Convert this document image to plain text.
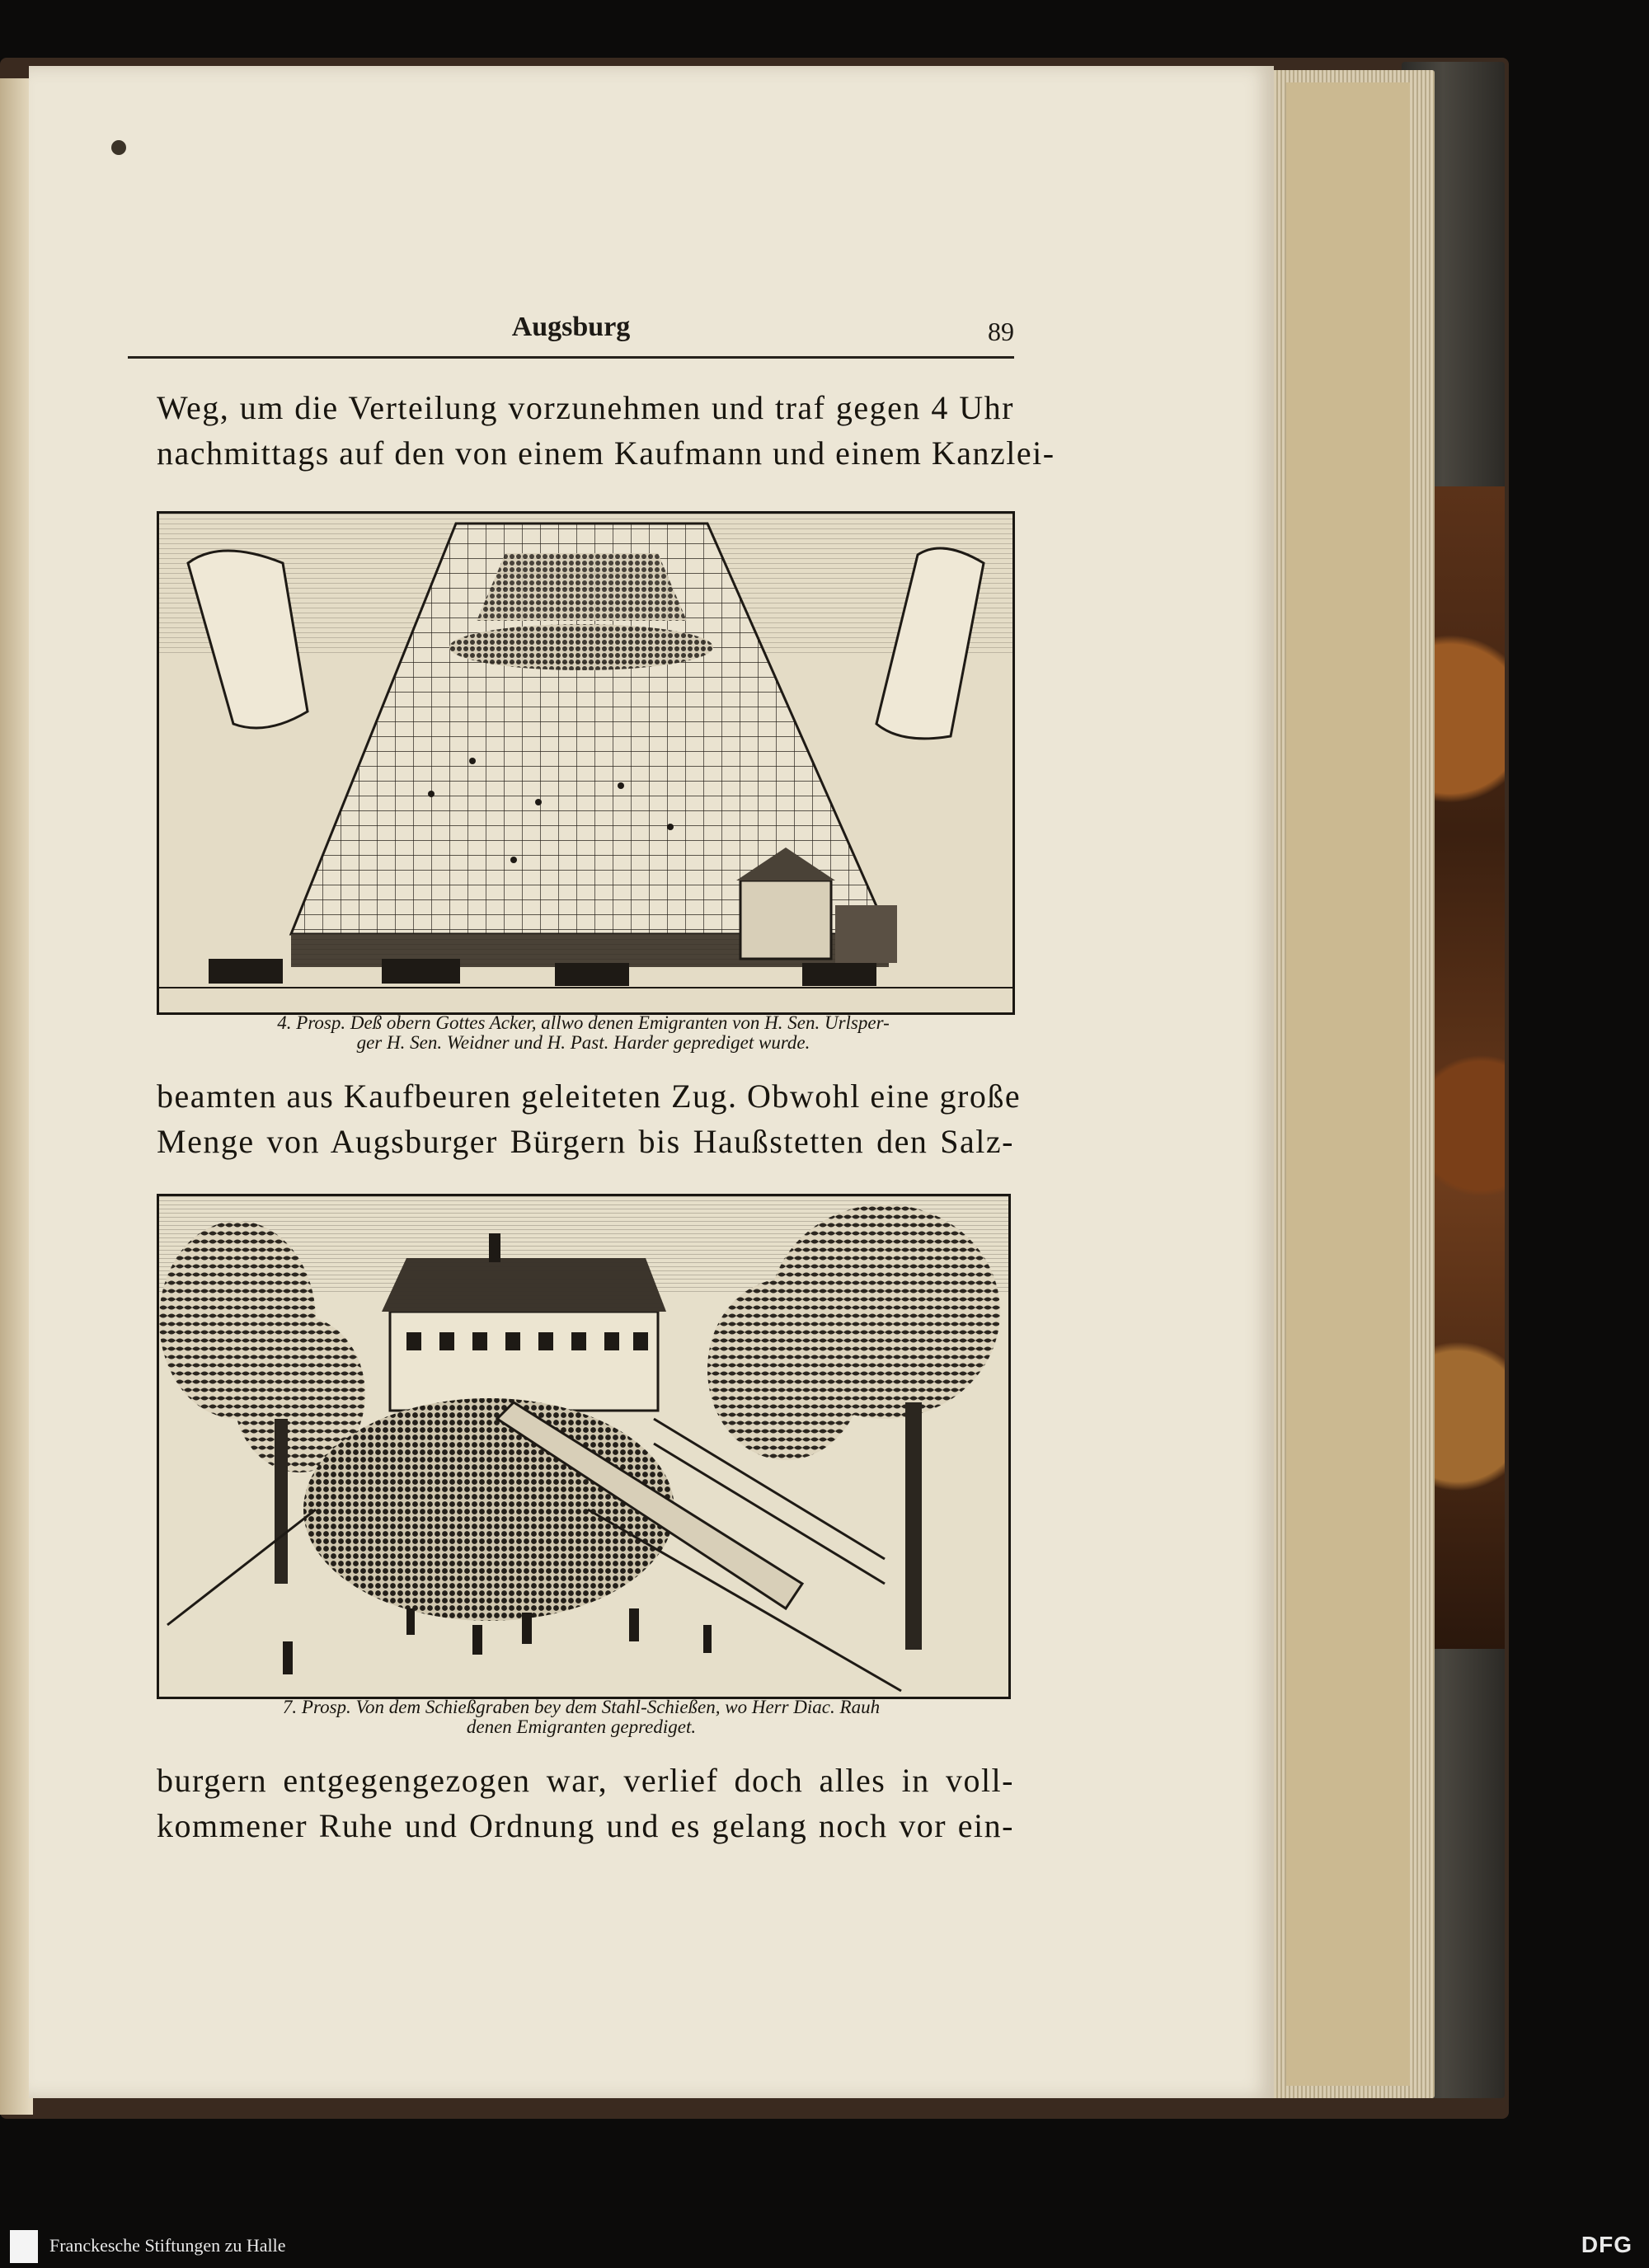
Augsburg	89
Weg, um die Verteilung vorzunehmen und traf gegen 4 Uhr
nachmittags auf den von einem Kaufmann und einem Kanzlei-
4. Prosp. Deß obern Gottes Acker, allwo denen Emigranten von H. Sen. Urlsper-
ger H. Sen. Weidner und H. Past. Harder geprediget wurde.
beamten aus Kaufbeuren geleiteten Zug. Obwohl eine große
Menge von Augsburger Bürgern bis Haußstetten den Salz-
7. Prosp. Von dem Schießgraben bey dem Stahl-Schießen, wo Herr Diac. Rauh
denen Emigranten geprediget.
burgern entgegengezogen war, verlief doch alles in voll-
kommener Ruhe und Ordnung und es gelang noch vor ein-
Franckesche Stiftungen zu Halle	DFG
